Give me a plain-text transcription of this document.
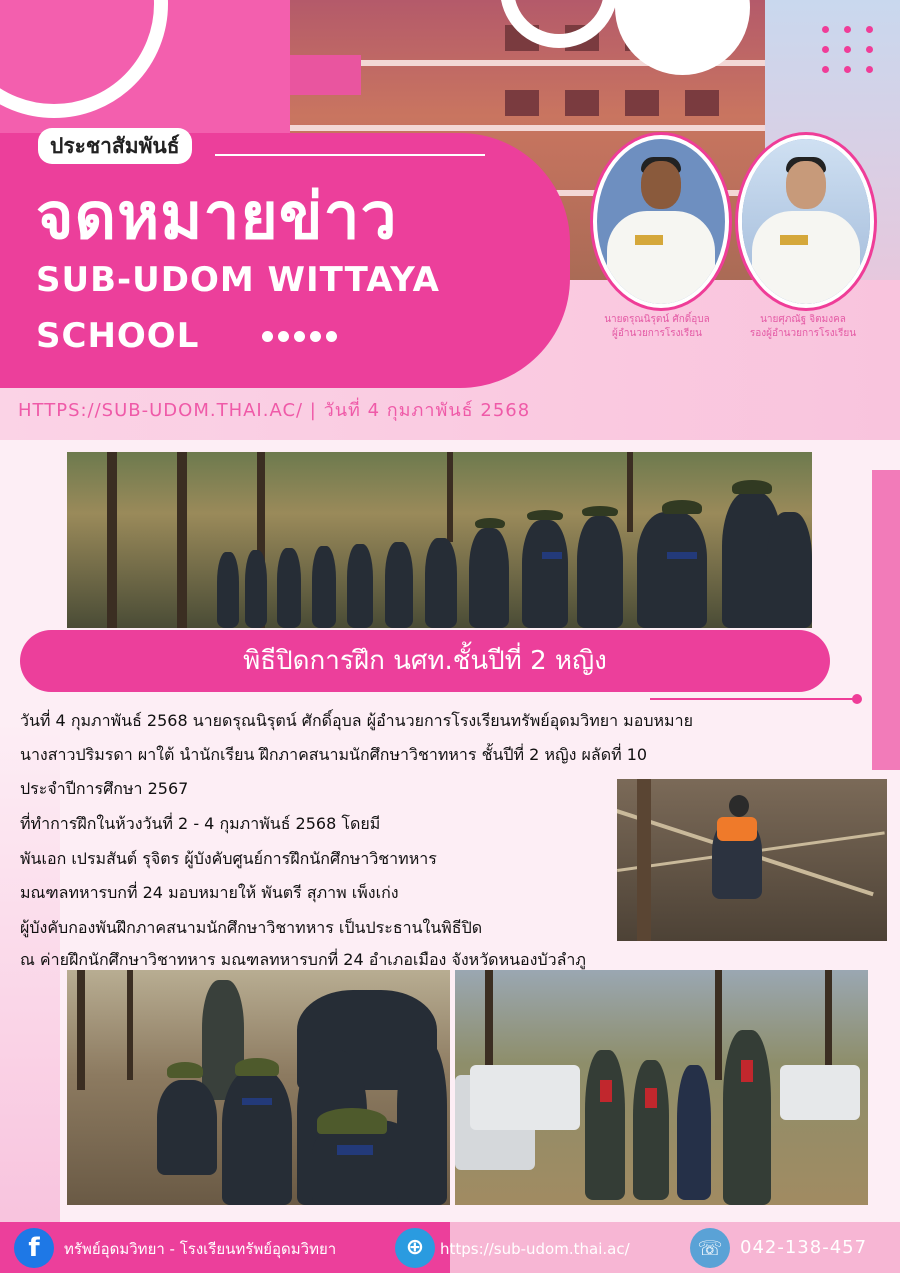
ประชาสัมพันธ์
จดหมายข่าว
SUB-UDOM WITTAYA
SCHOOL	นายดรุณนิรุตน์ ศักดิ์อุบล
ผู้อำนวยการโรงเรียน
นายศุภณัฐ จิตมงคล
รองผู้อำนวยการโรงเรียน
HTTPS://SUB-UDOM.THAI.AC/ | วันที่ 4 กุมภาพันธ์ 2568
พิธีปิดการฝึก นศท.ชั้นปีที่ 2 หญิง
วันที่ 4 กุมภาพันธ์ 2568 นายดรุณนิรุตน์ ศักดิ์อุบล ผู้อำนวยการโรงเรียนทรัพย์อุดมวิทยา มอบหมาย
นางสาวปริมรดา ผาใต้ นำนักเรียน ฝึกภาคสนามนักศึกษาวิชาทหาร ชั้นปีที่ 2 หญิง ผลัดที่ 10
ประจำปีการศึกษา 2567
ที่ทำการฝึกในห้วงวันที่ 2 - 4 กุมภาพันธ์ 2568 โดยมี
พันเอก เปรมสันต์ รุจิตร ผู้บังคับศูนย์การฝึกนักศึกษาวิชาทหาร
มณฑลทหารบกที่ 24 มอบหมายให้ พันตรี สุภาพ เพ็งเก่ง
ผู้บังคับกองพันฝึกภาคสนามนักศึกษาวิชาทหาร เป็นประธานในพิธีปิด
ณ ค่ายฝึกนักศึกษาวิชาทหาร มณฑลทหารบกที่ 24 อำเภอเมือง จังหวัดหนองบัวลำภู
f	ทรัพย์อุดมวิทยา - โรงเรียนทรัพย์อุดมวิทยา	⊕	https://sub-udom.thai.ac/	☏ 042-138-457
